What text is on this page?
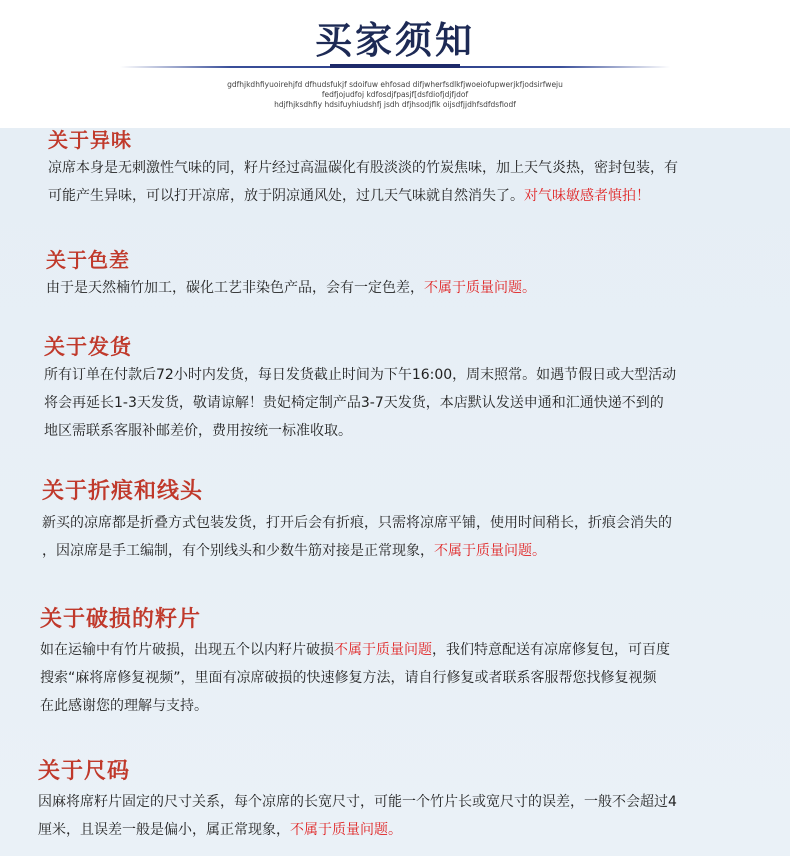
买家须知
gdfhjkdhfiyuoirehjfd dfhudsfukjf sdoifuw ehfosad difjwherfsdlkfjwoeiofupwerjkfjodsirfweju
fedfjojudfoj kdfosdjfpasjf[dsfdiofjdjfjdof
hdjfhjksdhfiy hdsifuyhiudshfj jsdh dfjhsodjflk oijsdfjjdhfsdfdsfiodf
关于异味
凉席本身是无刺激性气味的同，籽片经过高温碳化有股淡淡的竹炭焦味，加上天气炎热，密封包装，有
可能产生异味，可以打开凉席，放于阴凉通风处，过几天气味就自然消失了。对气味敏感者慎拍！
关于色差
由于是天然楠竹加工，碳化工艺非染色产品，会有一定色差，不属于质量问题。
关于发货
所有订单在付款后72小时内发货，每日发货截止时间为下午16:00，周末照常。如遇节假日或大型活动
将会再延长1-3天发货，敬请谅解！贵妃椅定制产品3-7天发货，本店默认发送申通和汇通快递不到的
地区需联系客服补邮差价，费用按统一标准收取。
关于折痕和线头
新买的凉席都是折叠方式包装发货，打开后会有折痕，只需将凉席平铺，使用时间稍长，折痕会消失的
，因凉席是手工编制，有个别线头和少数牛筋对接是正常现象，不属于质量问题。
关于破损的籽片
如在运输中有竹片破损，出现五个以内籽片破损不属于质量问题，我们特意配送有凉席修复包，可百度
搜索“麻将席修复视频”，里面有凉席破损的快速修复方法，请自行修复或者联系客服帮您找修复视频
在此感谢您的理解与支持。
关于尺码
因麻将席籽片固定的尺寸关系，每个凉席的长宽尺寸，可能一个竹片长或宽尺寸的误差，一般不会超过4
厘米，且误差一般是偏小，属正常现象，不属于质量问题。
